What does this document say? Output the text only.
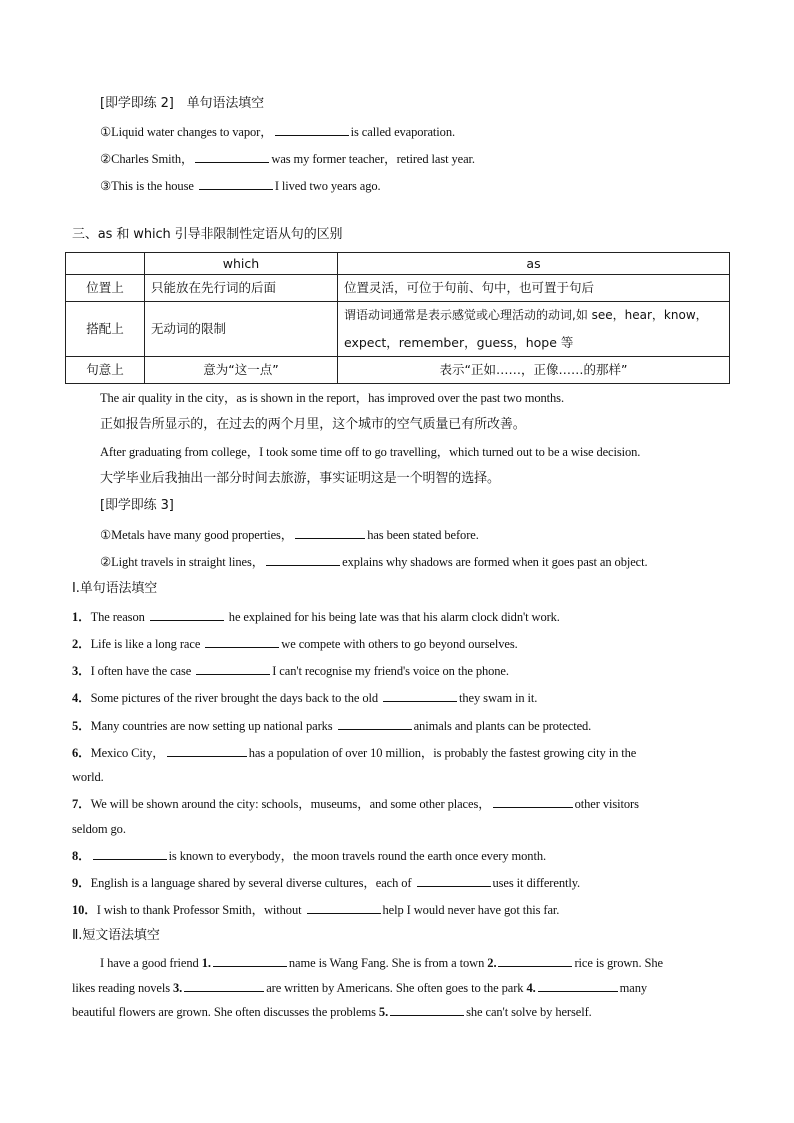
[即学即练 2]　单句语法填空
①Liquid water changes to vapor，	is called evaporation.
②Charles Smith，	was my former teacher，retired last year.
③This is the house	I lived two years ago.
三、as 和 which 引导非限制性定语从句的区别
	which	as
位置上	只能放在先行词的后面	位置灵活，可位于句前、句中，也可置于句后
搭配上	无动词的限制	谓语动词通常是表示感觉或心理活动的动词,如 see，hear，know，
expect，remember，guess，hope 等

句意上	意为“这一点”	表示“正如……，正像……的那样”
The air quality in the city，as is shown in the report，has improved over the past two months.
正如报告所显示的，在过去的两个月里，这个城市的空气质量已有所改善。
After graduating from college，I took some time off to go travelling，which turned out to be a wise decision.
大学毕业后我抽出一部分时间去旅游，事实证明这是一个明智的选择。
[即学即练 3]
①Metals have many good properties，	has been stated before.
②Light travels in straight lines，	explains why shadows are formed when it goes past an object.
Ⅰ.单句语法填空
1．The reason	he explained for his being late was that his alarm clock didn't work.
2．Life is like a long race	we compete with others to go beyond ourselves.
3．I often have the case	I can't recognise my friend's voice on the phone.
4．Some pictures of the river brought the days back to the old	they swam in it.
5．Many countries are now setting up national parks	animals and plants can be protected.
6．Mexico City，	has a population of over 10 million，is probably the fastest growing city in the
world.
7．We will be shown around the city: schools，museums，and some other places，	other visitors
seldom go.
8．	is known to everybody，the moon travels round the earth once every month.
9．English is a language shared by several diverse cultures，each of	uses it differently.
10．I wish to thank Professor Smith，without	help I would never have got this far.
Ⅱ.短文语法填空
I have a good friend 1.	name is Wang Fang. She is from a town 2.	rice is grown. She
likes reading novels 3.	are written by Americans. She often goes to the park 4.	many
beautiful flowers are grown. She often discusses the problems 5.	she can't solve by herself.
